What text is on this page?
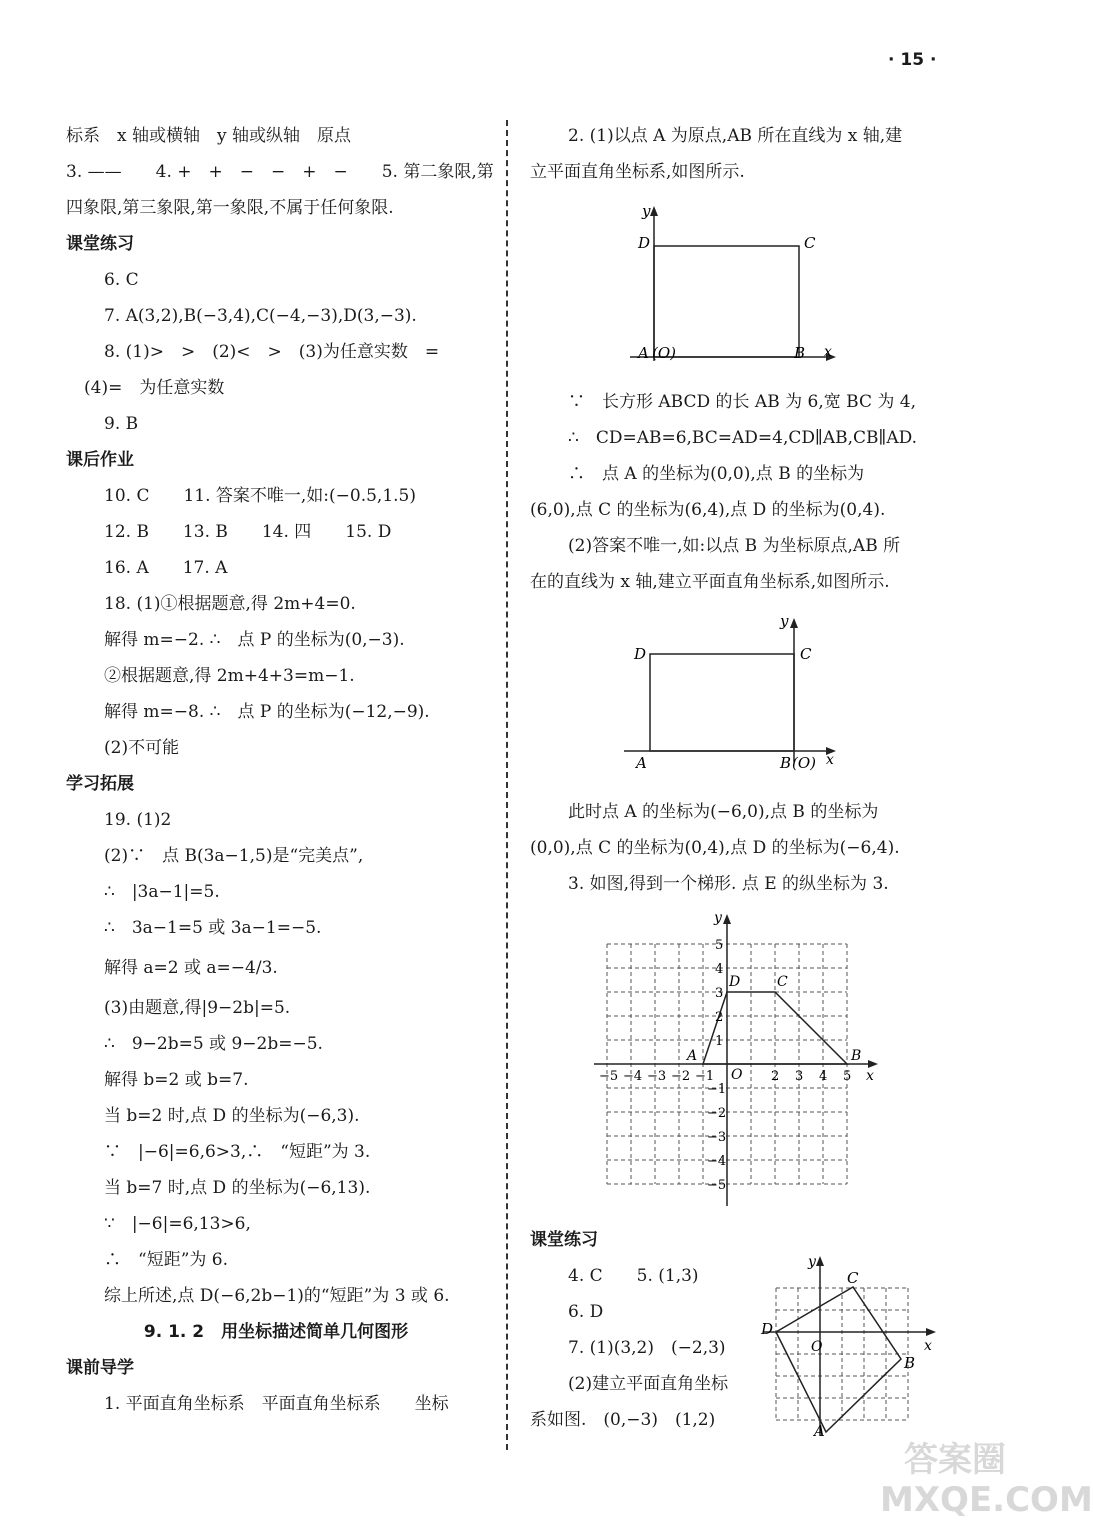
· 15 ·
标系　x 轴或横轴　y 轴或纵轴　原点
3. ——　　4. +　+　−　−　+　−　　5. 第二象限,第
四象限,第三象限,第一象限,不属于任何象限.
课堂练习
6. C
7. A(3,2),B(−3,4),C(−4,−3),D(3,−3).
8. (1)>　>　(2)<　>　(3)为任意实数　=
(4)=　为任意实数
9. B
课后作业
10. C　　11. 答案不唯一,如:(−0.5,1.5)
12. B　　13. B　　14. 四　　15. D
16. A　　17. A
18. (1)①根据题意,得 2m+4=0.
解得 m=−2. ∴　点 P 的坐标为(0,−3).
②根据题意,得 2m+4+3=m−1.
解得 m=−8. ∴　点 P 的坐标为(−12,−9).
(2)不可能
学习拓展
19. (1)2
(2)∵　点 B(3a−1,5)是“完美点”,
∴　|3a−1|=5.
∴　3a−1=5 或 3a−1=−5.
解得 a=2 或 a=−4/3.
(3)由题意,得|9−2b|=5.
∴　9−2b=5 或 9−2b=−5.
解得 b=2 或 b=7.
当 b=2 时,点 D 的坐标为(−6,3).
∵　|−6|=6,6>3,∴　“短距”为 3.
当 b=7 时,点 D 的坐标为(−6,13).
∵　|−6|=6,13>6,
∴　“短距”为 6.
综上所述,点 D(−6,2b−1)的“短距”为 3 或 6.
9. 1. 2　用坐标描述简单几何图形
课前导学
1. 平面直角坐标系　平面直角坐标系　　坐标
2. (1)以点 A 为原点,AB 所在直线为 x 轴,建
立平面直角坐标系,如图所示.
y
x
D	C
A (O)	B
∵　长方形 ABCD 的长 AB 为 6,宽 BC 为 4,
∴　CD=AB=6,BC=AD=4,CD∥AB,CB∥AD.
∴　点 A 的坐标为(0,0),点 B 的坐标为
(6,0),点 C 的坐标为(6,4),点 D 的坐标为(0,4).
(2)答案不唯一,如:以点 B 为坐标原点,AB 所
在的直线为 x 轴,建立平面直角坐标系,如图所示.
y
x
D	C
A	B (O)
此时点 A 的坐标为(−6,0),点 B 的坐标为
(0,0),点 C 的坐标为(0,4),点 D 的坐标为(−6,4).
3. 如图,得到一个梯形. 点 E 的纵坐标为 3.
−5 −4 −3 −2 −1	2 3 4 5
5
4
3
2
1
−1
−2
−3
−4
−5
y
x
O
A	B
C
D
课堂练习
4. C　　5. (1,3)
6. D
7. (1)(3,2)　(−2,3)
(2)建立平面直角坐标
系如图.　(0,−3)　(1,2)
y
x
O
D
C
B
A
答案圈 MXQE.COM
